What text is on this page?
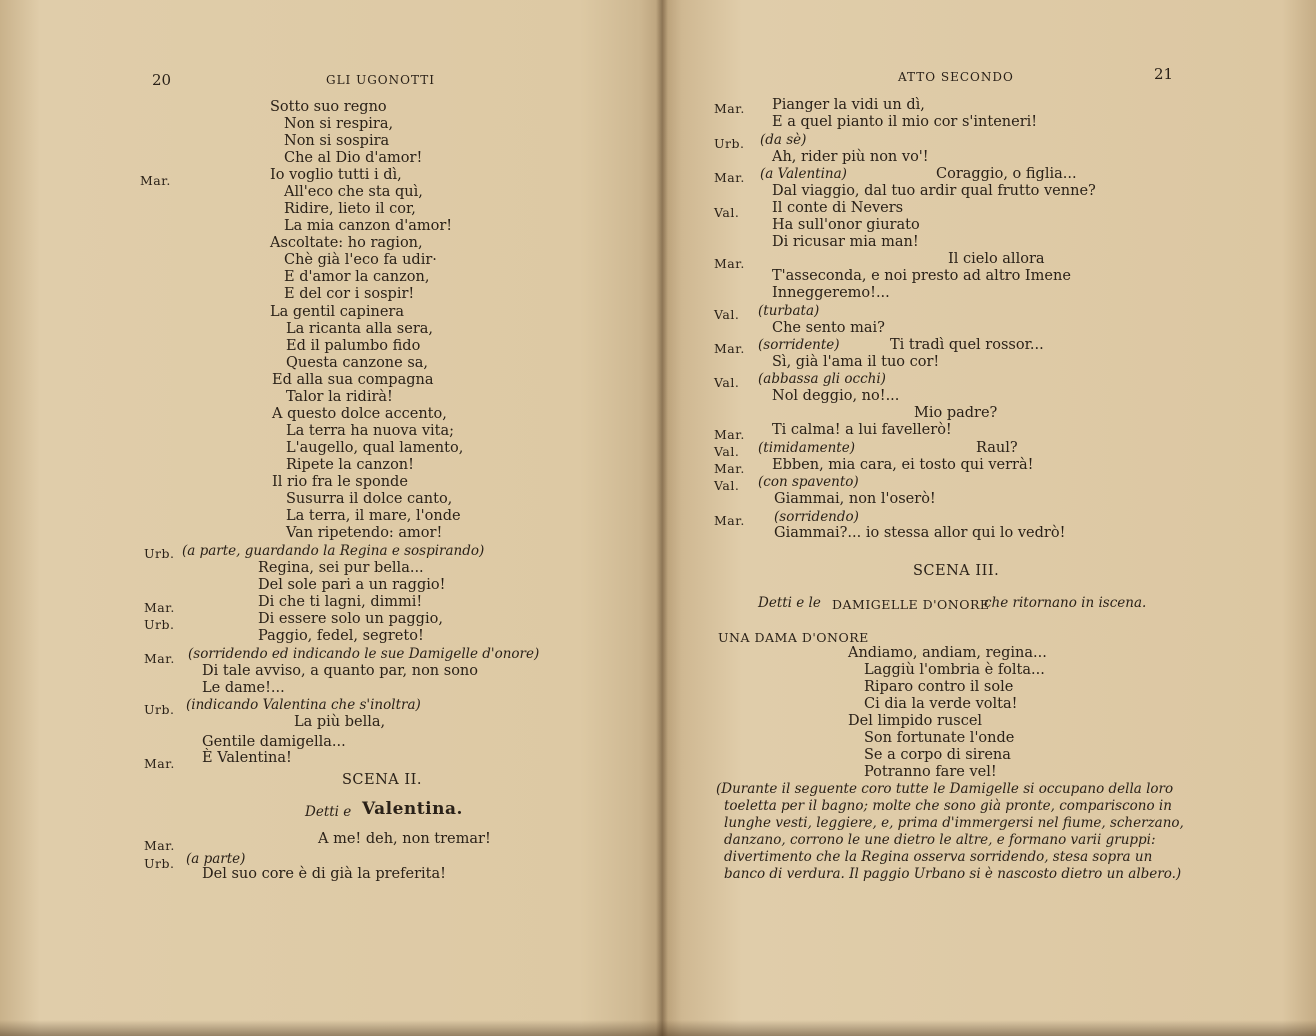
20	GLI UGONOTTI
Sotto suo regno
Non si respira,
Non si sospira
Che al Dio d'amor!
Mar.	Io voglio tutti i dì,
All'eco che sta quì,
Ridire, lieto il cor,
La mia canzon d'amor!
Ascoltate: ho ragion,
Chè già l'eco fa udir·
E d'amor la canzon,
E del cor i sospir!
La gentil capinera
La ricanta alla sera,
Ed il palumbo fido
Questa canzone sa,
Ed alla sua compagna
Talor la ridirà!
A questo dolce accento,
La terra ha nuova vita;
L'augello, qual lamento,
Ripete la canzon!
Il rio fra le sponde
Susurra il dolce canto,
La terra, il mare, l'onde
Van ripetendo: amor!
Urb. (a parte, guardando la Regina e sospirando)
Regina, sei pur bella...
Del sole pari a un raggio!
Mar.	Di che ti lagni, dimmi!
Urb.	Di essere solo un paggio,
Paggio, fedel, segreto!
Mar. (sorridendo ed indicando le sue Damigelle d'onore)
Di tale avviso, a quanto par, non sono
Le dame!...
Urb. (indicando Valentina che s'inoltra)
La più bella,
Gentile damigella...
Mar. È Valentina!
SCENA II.
Detti e Valentina.
Mar.	A me! deh, non tremar!
Urb. (a parte)
Del suo core è di già la preferita!
ATTO SECONDO	21
Mar. Pianger la vidi un dì,
E a quel pianto il mio cor s'inteneri!
Urb. (da sè)
Ah, rider più non vo'!
Mar. (a Valentina)	Coraggio, o figlia...
Dal viaggio, dal tuo ardir qual frutto venne?
Val. Il conte di Nevers
Ha sull'onor giurato
Di ricusar mia man!
Mar.	Il cielo allora
T'asseconda, e noi presto ad altro Imene
Inneggeremo!...
Val. (turbata)
Che sento mai?
Mar. (sorridente)	Ti tradì quel rossor...
Sì, già l'ama il tuo cor!
Val. (abbassa gli occhi)
Nol deggio, no!...
Mio padre?
Mar. Ti calma! a lui favellerò!
Val. (timidamente)	Raul?
Mar. Ebben, mia cara, ei tosto qui verrà!
Val. (con spavento)
Giammai, non l'oserò!
Mar. (sorridendo)
Giammai?... io stessa allor qui lo vedrò!
SCENA III.
Detti e le DAMIGELLE D'ONORE
che ritornano in iscena.
UNA DAMA D'ONORE
Andiamo, andiam, regina...
Laggiù l'ombria è folta...
Riparo contro il sole
Ci dia la verde volta!
Del limpido ruscel
Son fortunate l'onde
Se a corpo di sirena
Potranno fare vel!
(Durante il seguente coro tutte le Damigelle si occupano della loro
toeletta per il bagno; molte che sono già pronte, compariscono in
lunghe vesti, leggiere, e, prima d'immergersi nel fiume, scherzano,
danzano, corrono le une dietro le altre, e formano varii gruppi:
divertimento che la Regina osserva sorridendo, stesa sopra un
banco di verdura. Il paggio Urbano si è nascosto dietro un albero.)
